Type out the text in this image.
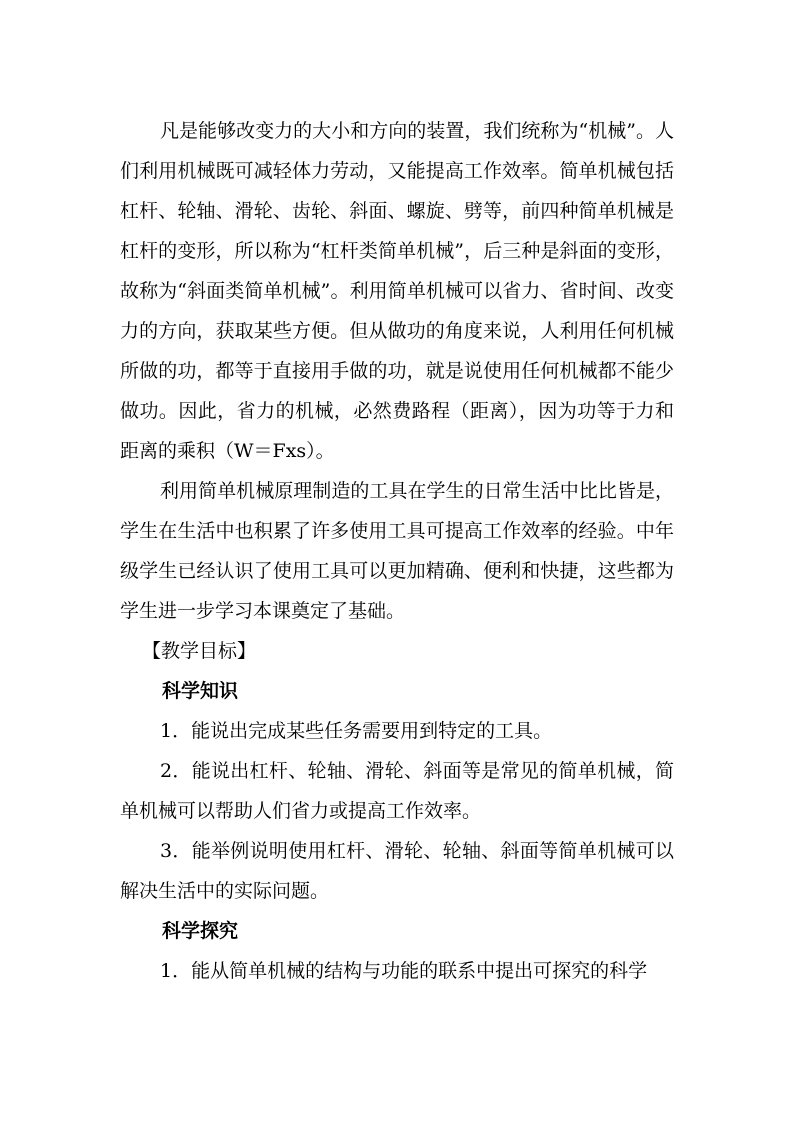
凡是能够改变力的大小和方向的装置，我们统称为“机械”。人们利用机械既可减轻体力劳动，又能提高工作效率。简单机械包括杠杆、轮轴、滑轮、齿轮、斜面、螺旋、劈等，前四种简单机械是杠杆的变形，所以称为“杠杆类简单机械”，后三种是斜面的变形，故称为“斜面类简单机械”。利用简单机械可以省力、省时间、改变力的方向，获取某些方便。但从做功的角度来说，人利用任何机械所做的功，都等于直接用手做的功，就是说使用任何机械都不能少做功。因此，省力的机械，必然费路程（距离），因为功等于力和距离的乘积（W＝Fxs）。

利用简单机械原理制造的工具在学生的日常生活中比比皆是，学生在生活中也积累了许多使用工具可提高工作效率的经验。中年级学生已经认识了使用工具可以更加精确、便利和快捷，这些都为学生进一步学习本课奠定了基础。

【教学目标】

科学知识

1．能说出完成某些任务需要用到特定的工具。

2．能说出杠杆、轮轴、滑轮、斜面等是常见的简单机械，简单机械可以帮助人们省力或提高工作效率。

3．能举例说明使用杠杆、滑轮、轮轴、斜面等简单机械可以解决生活中的实际问题。

科学探究

1．能从简单机械的结构与功能的联系中提出可探究的科学
